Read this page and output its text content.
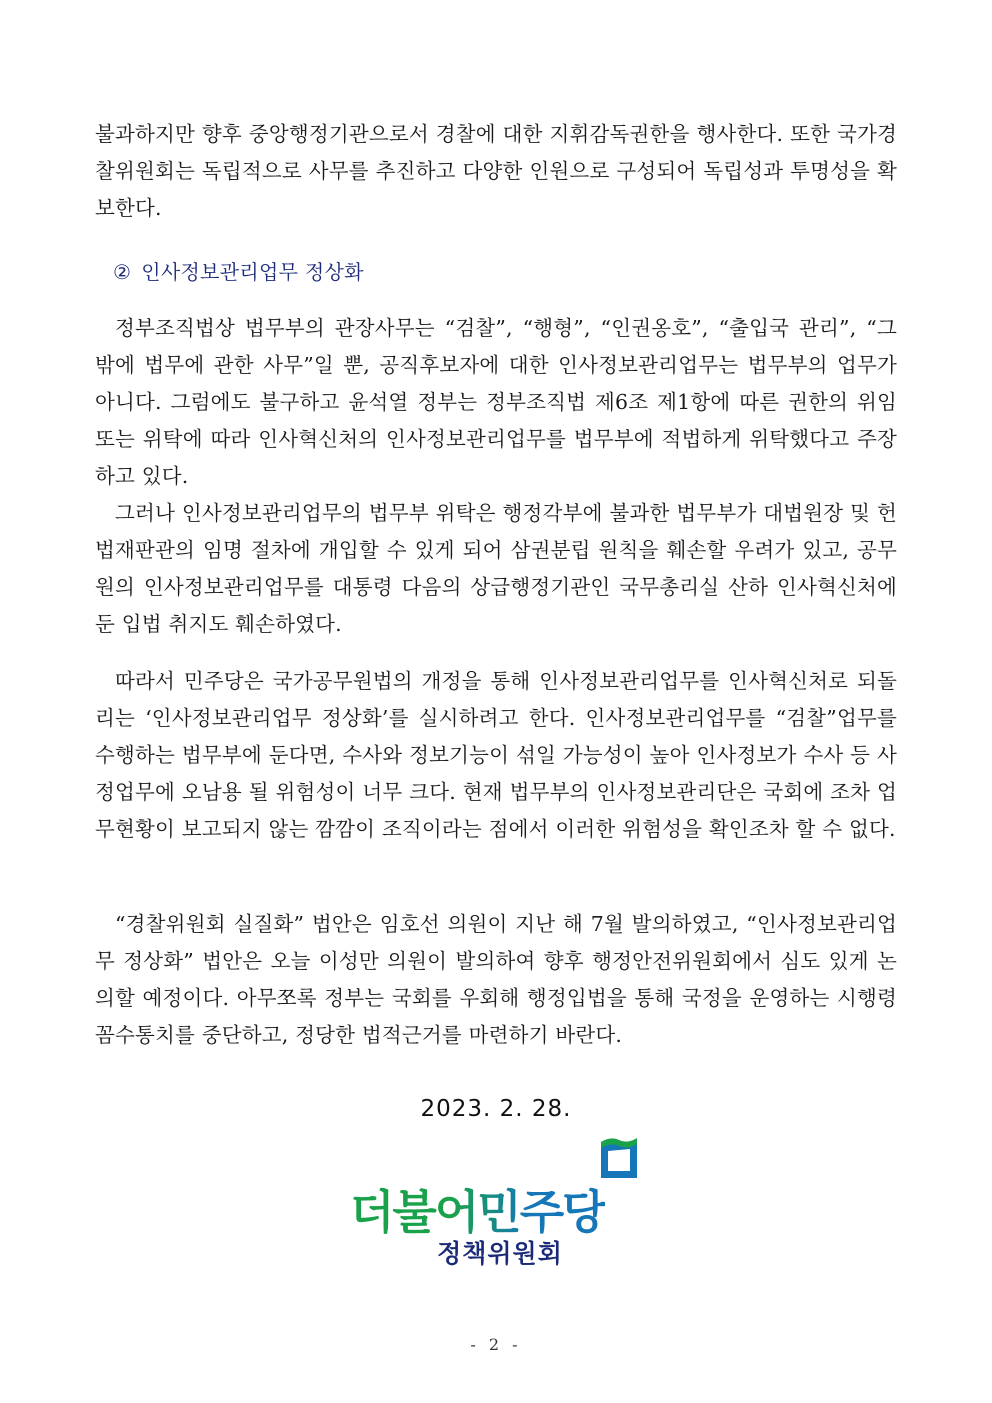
불과하지만 향후 중앙행정기관으로서 경찰에 대한 지휘감독권한을 행사한다. 또한 국가경찰위원회는 독립적으로 사무를 추진하고 다양한 인원으로 구성되어 독립성과 투명성을 확보한다.

② 인사정보관리업무 정상화

정부조직법상 법무부의 관장사무는 “검찰”, “행형”, “인권옹호”, “출입국 관리”, “그 밖에 법무에 관한 사무”일 뿐, 공직후보자에 대한 인사정보관리업무는 법무부의 업무가 아니다. 그럼에도 불구하고 윤석열 정부는 정부조직법 제6조 제1항에 따른 권한의 위임 또는 위탁에 따라 인사혁신처의 인사정보관리업무를 법무부에 적법하게 위탁했다고 주장하고 있다.

그러나 인사정보관리업무의 법무부 위탁은 행정각부에 불과한 법무부가 대법원장 및 헌법재판관의 임명 절차에 개입할 수 있게 되어 삼권분립 원칙을 훼손할 우려가 있고, 공무원의 인사정보관리업무를 대통령 다음의 상급행정기관인 국무총리실 산하 인사혁신처에 둔 입법 취지도 훼손하였다.

따라서 민주당은 국가공무원법의 개정을 통해 인사정보관리업무를 인사혁신처로 되돌리는 ‘인사정보관리업무 정상화’를 실시하려고 한다. 인사정보관리업무를 “검찰”업무를 수행하는 법무부에 둔다면, 수사와 정보기능이 섞일 가능성이 높아 인사정보가 수사 등 사정업무에 오남용 될 위험성이 너무 크다. 현재 법무부의 인사정보관리단은 국회에 조차 업무현황이 보고되지 않는 깜깜이 조직이라는 점에서 이러한 위험성을 확인조차 할 수 없다.

“경찰위원회 실질화” 법안은 임호선 의원이 지난 해 7월 발의하였고, “인사정보관리업무 정상화” 법안은 오늘 이성만 의원이 발의하여 향후 행정안전위원회에서 심도 있게 논의할 예정이다. 아무쪼록 정부는 국회를 우회해 행정입법을 통해 국정을 운영하는 시행령 꼼수통치를 중단하고, 정당한 법적근거를 마련하기 바란다.

2023. 2. 28.
더불어민주당
정책위원회
- 2 -
